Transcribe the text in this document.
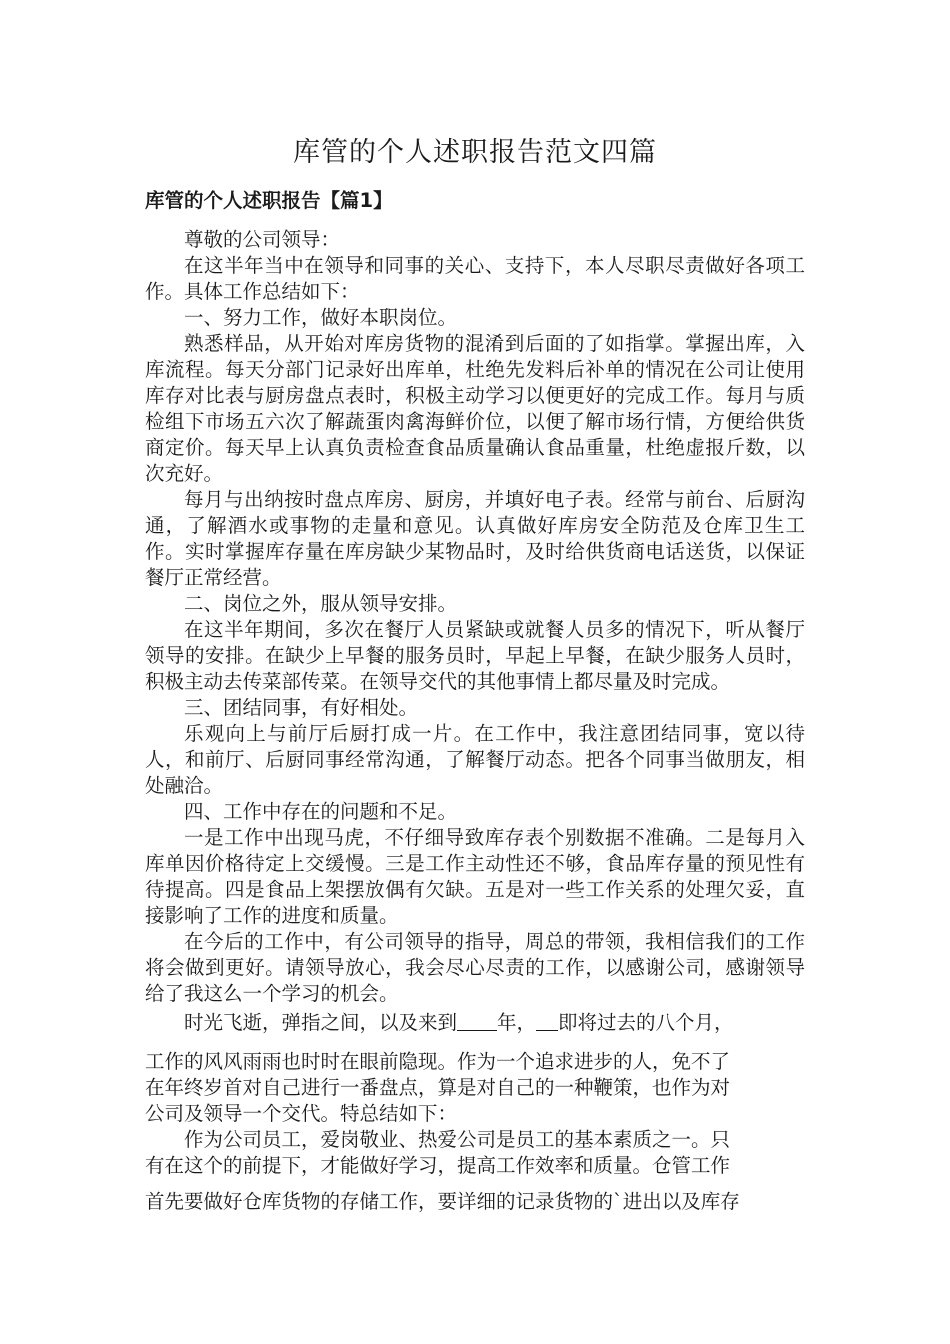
库管的个人述职报告范文四篇
库管的个人述职报告【篇1】

尊敬的公司领导：

在这半年当中在领导和同事的关心、支持下，本人尽职尽责做好各项工作。具体工作总结如下：

一、努力工作，做好本职岗位。

熟悉样品，从开始对库房货物的混淆到后面的了如指掌。掌握出库，入库流程。每天分部门记录好出库单，杜绝先发料后补单的情况在公司让使用库存对比表与厨房盘点表时，积极主动学习以便更好的完成工作。每月与质检组下市场五六次了解蔬蛋肉禽海鲜价位，以便了解市场行情，方便给供货商定价。每天早上认真负责检查食品质量确认食品重量，杜绝虚报斤数，以次充好。

每月与出纳按时盘点库房、厨房，并填好电子表。经常与前台、后厨沟通，了解酒水或事物的走量和意见。认真做好库房安全防范及仓库卫生工作。实时掌握库存量在库房缺少某物品时，及时给供货商电话送货，以保证餐厅正常经营。

二、岗位之外，服从领导安排。

在这半年期间，多次在餐厅人员紧缺或就餐人员多的情况下，听从餐厅领导的安排。在缺少上早餐的服务员时，早起上早餐，在缺少服务人员时，积极主动去传菜部传菜。在领导交代的其他事情上都尽量及时完成。

三、团结同事，有好相处。

乐观向上与前厅后厨打成一片。在工作中，我注意团结同事，宽以待人，和前厅、后厨同事经常沟通，了解餐厅动态。把各个同事当做朋友，相处融洽。

四、工作中存在的问题和不足。

一是工作中出现马虎，不仔细导致库存表个别数据不准确。二是每月入库单因价格待定上交缓慢。三是工作主动性还不够，食品库存量的预见性有待提高。四是食品上架摆放偶有欠缺。五是对一些工作关系的处理欠妥，直接影响了工作的进度和质量。

在今后的工作中，有公司领导的指导，周总的带领，我相信我们的工作将会做到更好。请领导放心，我会尽心尽责的工作，以感谢公司，感谢领导给了我这么一个学习的机会。

时光飞逝，弹指之间，以及来到 年， 即将过去的八个月，
工作的风风雨雨也时时在眼前隐现。作为一个追求进步的人，免不了
在年终岁首对自己进行一番盘点，算是对自己的一种鞭策，也作为对
公司及领导一个交代。特总结如下：
作为公司员工，爱岗敬业、热爱公司是员工的基本素质之一。只
有在这个的前提下，才能做好学习，提高工作效率和质量。仓管工作
首先要做好仓库货物的存储工作，要详细的记录货物的`进出以及库存
